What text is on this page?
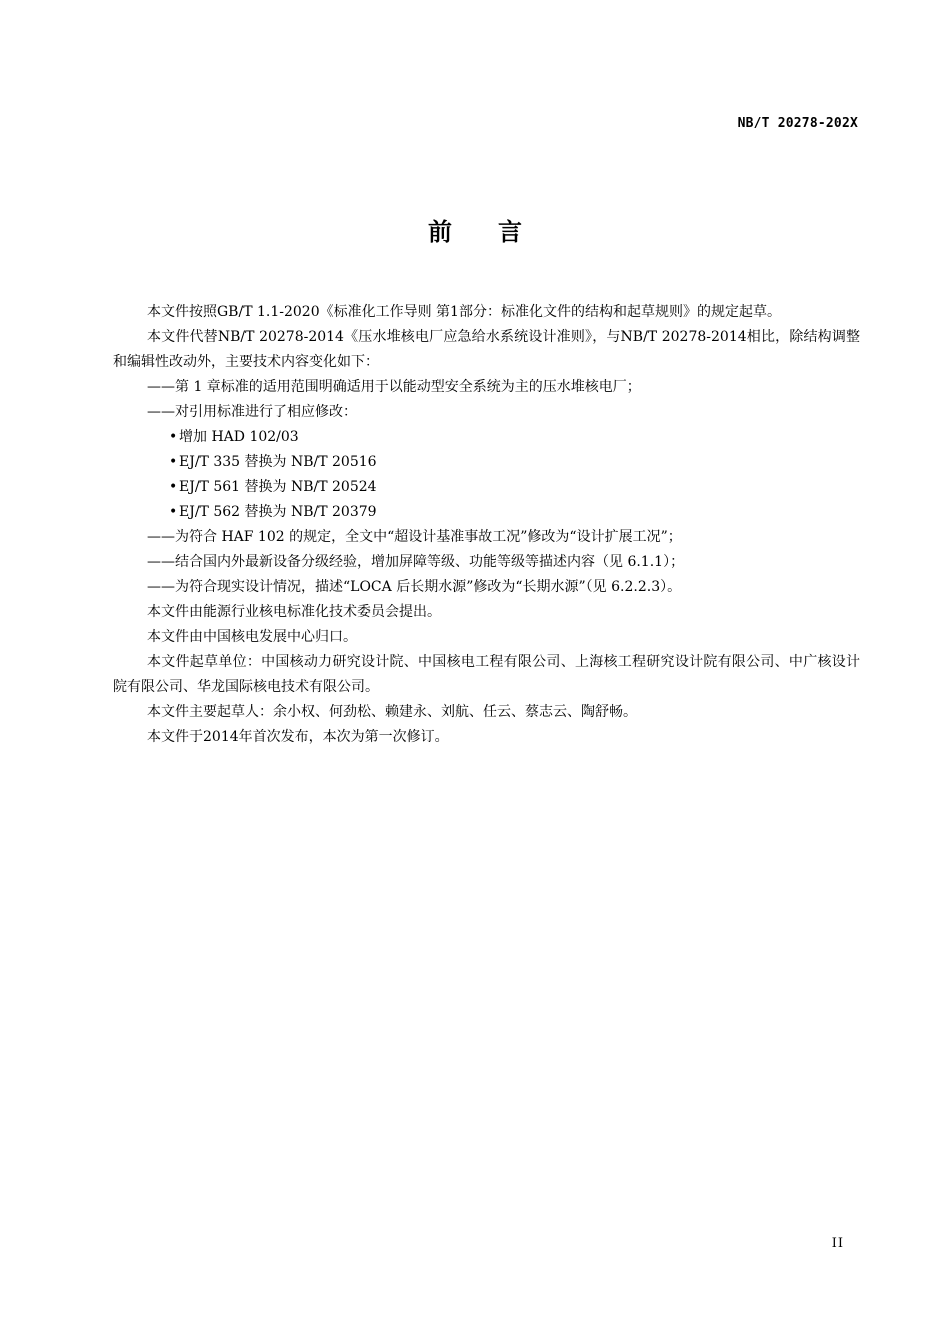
NB/T 20278-202X
前言

本文件按照GB/T 1.1-2020《标准化工作导则 第1部分：标准化文件的结构和起草规则》的规定起草。

本文件代替NB/T 20278-2014《压水堆核电厂应急给水系统设计准则》，与NB/T 20278-2014相比，除结构调整和编辑性改动外，主要技术内容变化如下：

——第 1 章标准的适用范围明确适用于以能动型安全系统为主的压水堆核电厂；
——对引用标准进行了相应修改：
• 增加 HAD 102/03
• EJ/T 335 替换为 NB/T 20516
• EJ/T 561 替换为 NB/T 20524
• EJ/T 562 替换为 NB/T 20379
——为符合 HAF 102 的规定，全文中“超设计基准事故工况”修改为“设计扩展工况”；
——结合国内外最新设备分级经验，增加屏障等级、功能等级等描述内容（见 6.1.1）；
——为符合现实设计情况，描述“LOCA 后长期水源”修改为“长期水源”（见 6.2.2.3）。

本文件由能源行业核电标准化技术委员会提出。

本文件由中国核电发展中心归口。

本文件起草单位：中国核动力研究设计院、中国核电工程有限公司、上海核工程研究设计院有限公司、中广核设计院有限公司、华龙国际核电技术有限公司。

本文件主要起草人：余小权、何劲松、赖建永、刘航、任云、蔡志云、陶舒畅。

本文件于2014年首次发布，本次为第一次修订。

II
